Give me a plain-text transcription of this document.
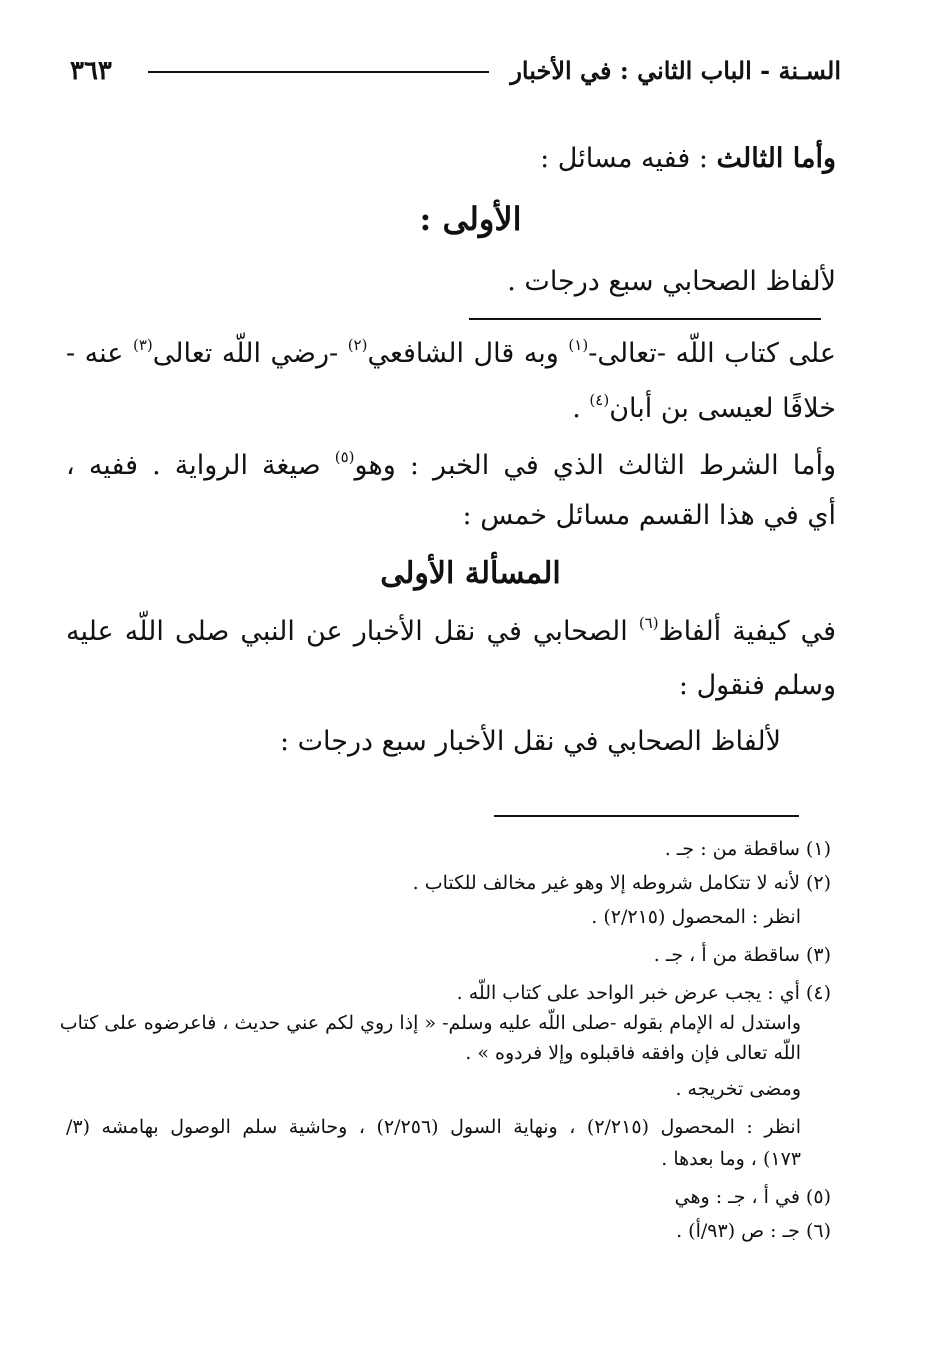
السـنة - الباب الثاني : في الأخبار
٣٦٣
وأما الثالث : ففيه مسائل :
الأولى :
لألفاظ الصحابي سبع درجات .
على كتاب اللّه -تعالى-$^{(١)}$ وبه قال الشافعي$^{(٢)}$ -رضي اللّه تعالى$^{(٣)}$ عنه -
خلافًا لعيسى بن أبان$^{(٤)}$ .
وأما الشرط الثالث الذي في الخبر : وهو$^{(٥)}$ صيغة الرواية . ففيه ،
أي في هذا القسم مسائل خمس :
المسألة الأولى
في كيفية ألفاظ$^{(٦)}$ الصحابي في نقل الأخبار عن النبي صلى اللّه عليه
وسلم فنقول :
لألفاظ الصحابي في نقل الأخبار سبع درجات :
(١) ساقطة من : جـ .
(٢) لأنه لا تتكامل شروطه إلا وهو غير مخالف للكتاب .
انظر : المحصول (٢/٢١٥) .
(٣) ساقطة من أ ، جـ .
(٤) أي : يجب عرض خبر الواحد على كتاب اللّه .
واستدل له الإمام بقوله -صلى اللّه عليه وسلم- « إذا روي لكم عني حديث ، فاعرضوه على كتاب
اللّه تعالى فإن وافقه فاقبلوه وإلا فردوه » .
ومضى تخريجه .
انظر : المحصول (٢/٢١٥) ، ونهاية السول (٢/٢٥٦) ، وحاشية سلم الوصول بهامشه (٣/
١٧٣) ، وما بعدها .
(٥) في أ ، جـ : وهي
(٦) جـ : ص (٩٣/أ) .
